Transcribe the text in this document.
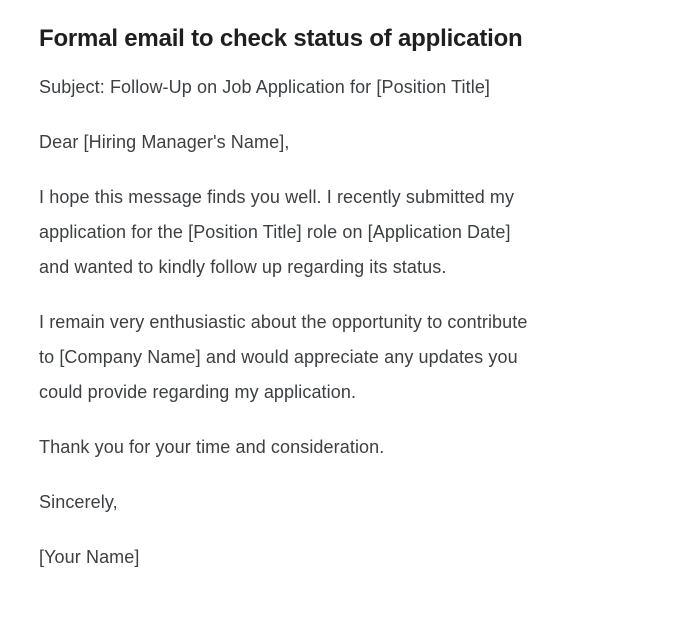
Formal email to check status of application

Subject: Follow-Up on Job Application for [Position Title]

Dear [Hiring Manager's Name],

I hope this message finds you well. I recently submitted my
application for the [Position Title] role on [Application Date]
and wanted to kindly follow up regarding its status.

I remain very enthusiastic about the opportunity to contribute
to [Company Name] and would appreciate any updates you
could provide regarding my application.

Thank you for your time and consideration.

Sincerely,

[Your Name]
